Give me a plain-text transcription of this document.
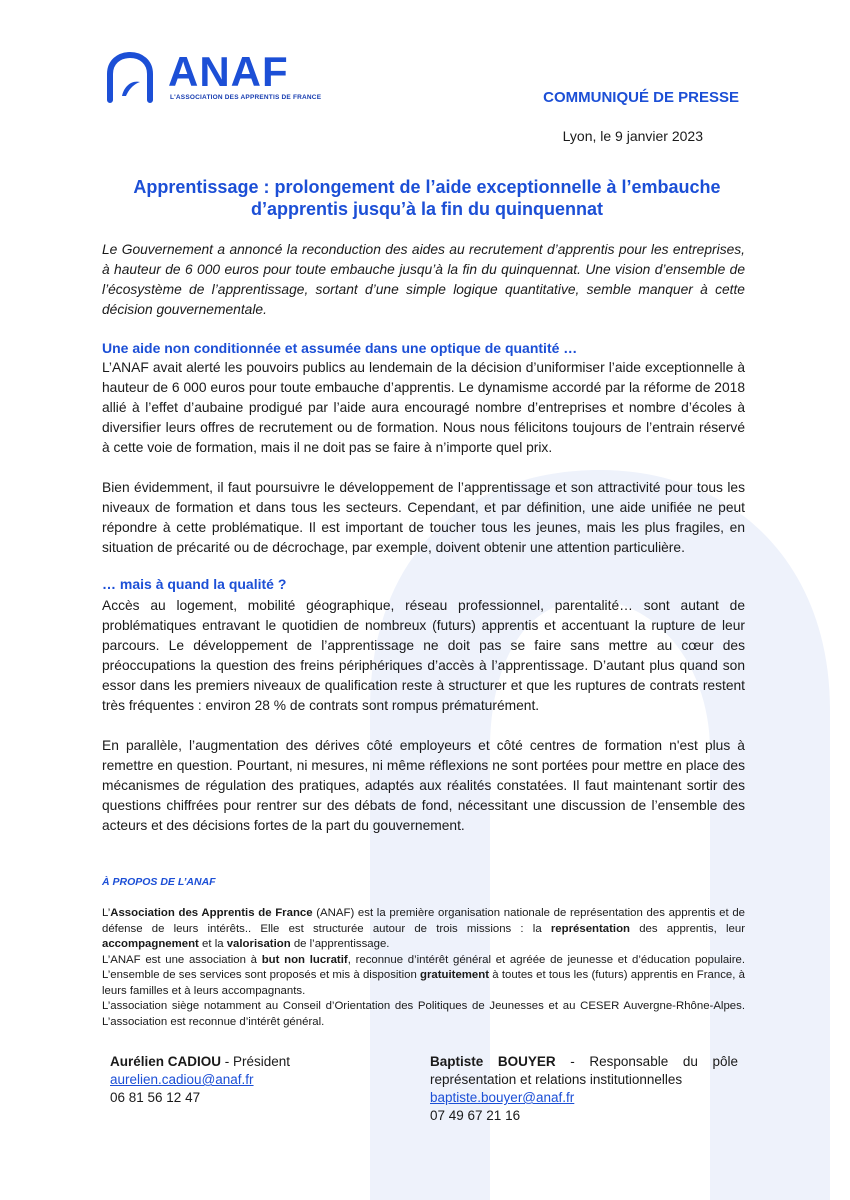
ANAF
L'ASSOCIATION DES APPRENTIS DE FRANCE	COMMUNIQUÉ DE PRESSE
Lyon, le 9 janvier 2023
Apprentissage : prolongement de l’aide exceptionnelle à l’embauche
d’apprentis jusqu’à la fin du quinquennat
Le Gouvernement a annoncé la reconduction des aides au recrutement d’apprentis pour les entreprises, à hauteur de 6 000 euros pour toute embauche jusqu’à la fin du quinquennat. Une vision d’ensemble de l’écosystème de l’apprentissage, sortant d’une simple logique quantitative, semble manquer à cette décision gouvernementale.
Une aide non conditionnée et assumée dans une optique de quantité …
L’ANAF avait alerté les pouvoirs publics au lendemain de la décision d’uniformiser l’aide exceptionnelle à hauteur de 6 000 euros pour toute embauche d’apprentis. Le dynamisme accordé par la réforme de 2018 allié à l’effet d’aubaine prodigué par l’aide aura encouragé nombre d’entreprises et nombre d’écoles à diversifier leurs offres de recrutement ou de formation. Nous nous félicitons toujours de l’entrain réservé à cette voie de formation, mais il ne doit pas se faire à n’importe quel prix.
Bien évidemment, il faut poursuivre le développement de l’apprentissage et son attractivité pour tous les niveaux de formation et dans tous les secteurs. Cependant, et par définition, une aide unifiée ne peut répondre à cette problématique. Il est important de toucher tous les jeunes, mais les plus fragiles, en situation de précarité ou de décrochage, par exemple, doivent obtenir une attention particulière.
… mais à quand la qualité ?
Accès au logement, mobilité géographique, réseau professionnel, parentalité… sont autant de problématiques entravant le quotidien de nombreux (futurs) apprentis et accentuant la rupture de leur parcours. Le développement de l’apprentissage ne doit pas se faire sans mettre au cœur des préoccupations la question des freins périphériques d’accès à l’apprentissage. D’autant plus quand son essor dans les premiers niveaux de qualification reste à structurer et que les ruptures de contrats restent très fréquentes : environ 28 % de contrats sont rompus prématurément.
En parallèle, l’augmentation des dérives côté employeurs et côté centres de formation n'est plus à remettre en question. Pourtant, ni mesures, ni même réflexions ne sont portées pour mettre en place des mécanismes de régulation des pratiques, adaptés aux réalités constatées. Il faut maintenant sortir des questions chiffrées pour rentrer sur des débats de fond, nécessitant une discussion de l’ensemble des acteurs et des décisions fortes de la part du gouvernement.
À PROPOS DE L’ANAF

L’Association des Apprentis de France (ANAF) est la première organisation nationale de représentation des apprentis et de défense de leurs intérêts.. Elle est structurée autour de trois missions : la représentation des apprentis, leur accompagnement et la valorisation de l’apprentissage.

L’ANAF est une association à but non lucratif, reconnue d’intérêt général et agréée de jeunesse et d’éducation populaire. L’ensemble de ses services sont proposés et mis à disposition gratuitement à toutes et tous les (futurs) apprentis en France, à leurs familles et à leurs accompagnants.

L’association siège notamment au Conseil d’Orientation des Politiques de Jeunesses et au CESER Auvergne-Rhône-Alpes. L’association est reconnue d’intérêt général.

Aurélien CADIOU - Président
aurelien.cadiou@anaf.fr
06 81 56 12 47
Baptiste BOUYER - Responsable du pôle représentation et relations institutionnelles
baptiste.bouyer@anaf.fr
07 49 67 21 16
